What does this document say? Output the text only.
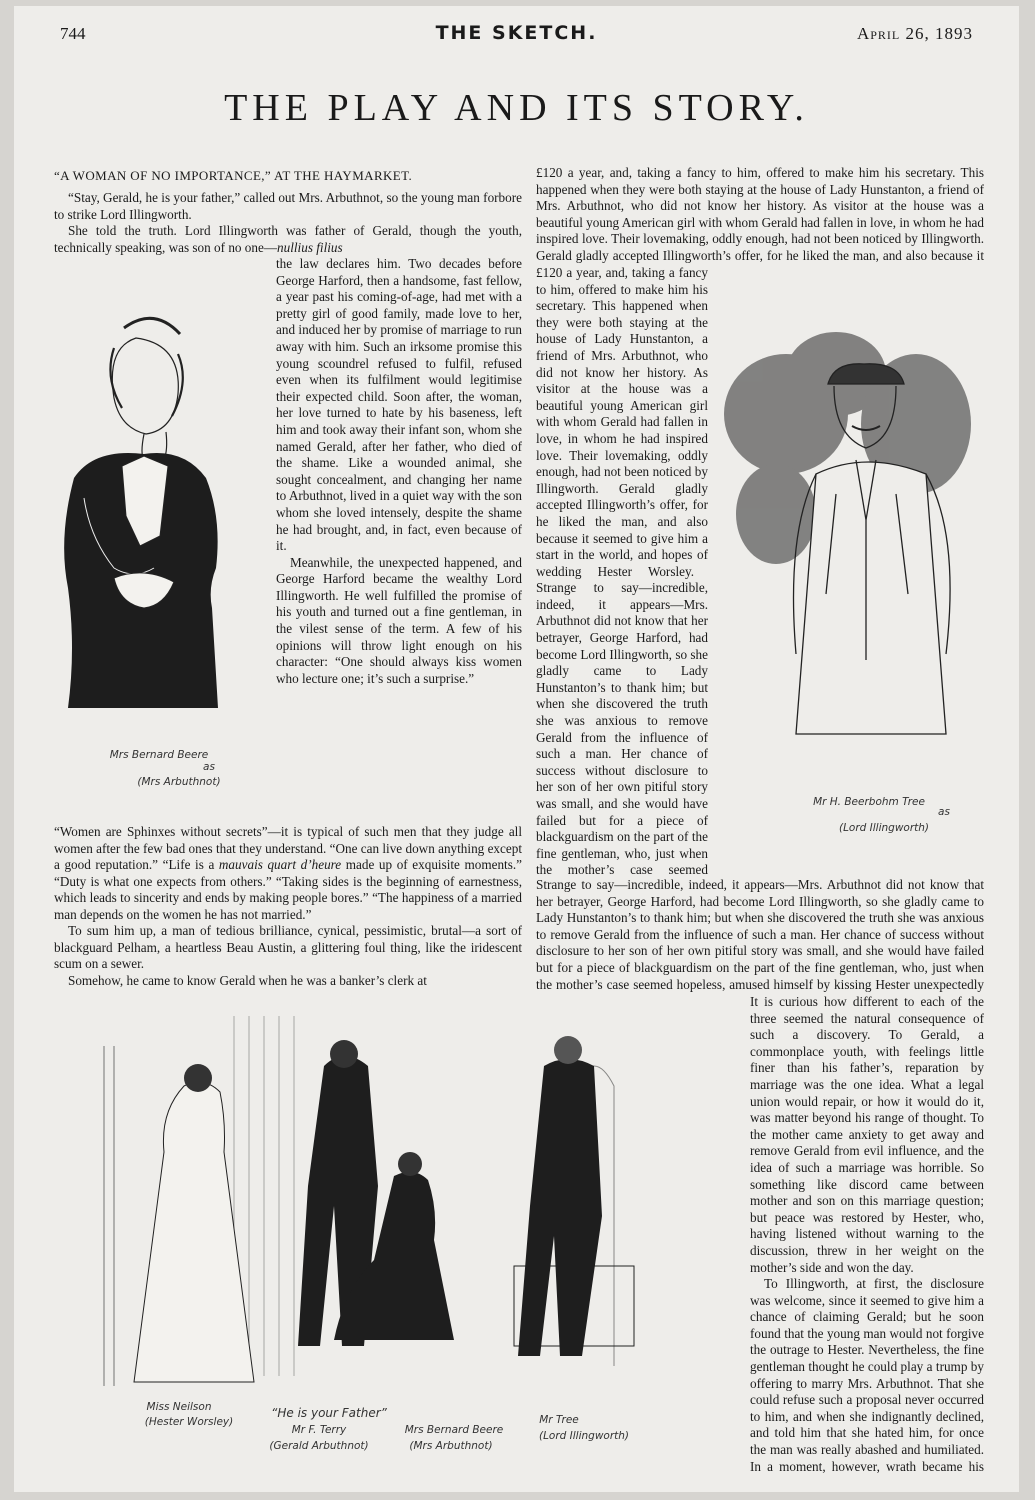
744	THE SKETCH.	April 26, 1893
THE PLAY AND ITS STORY.
“A WOMAN OF NO IMPORTANCE,” AT THE HAYMARKET.

“Stay, Gerald, he is your father,” called out Mrs. Arbuthnot, so the young man forbore to strike Lord Illingworth.

She told the truth. Lord Illingworth was father of Gerald, though the youth, technically speaking, was son of no one—nullius filius

the law declares him. Two decades before George Harford, then a handsome, fast fellow, a year past his coming-of-age, had met with a pretty girl of good family, made love to her, and induced her by promise of marriage to run away with him. Such an irksome promise this young scoundrel refused to fulfil, refused even when its fulfilment would legitimise their expected child. Soon after, the woman, her love turned to hate by his baseness, left him and took away their infant son, whom she named Gerald, after her father, who died of the shame. Like a wounded animal, she sought concealment, and changing her name to Arbuthnot, lived in a quiet way with the son whom she loved intensely, despite the shame he had brought, and, in fact, even because of it.
Meanwhile, the unexpected happened, and George Harford became the wealthy Lord Illingworth. He well fulfilled the promise of his youth and turned out a fine gentleman, in the vilest sense of the term. A few of his opinions will throw light enough on his character: “One should always kiss women who lecture one; it’s such a surprise.”

“Women are Sphinxes without secrets”—it is typical of such men that they judge all women after the few bad ones that they understand. “One can live down anything except a good reputation.” “Life is a mauvais quart d’heure made up of exquisite moments.” “Duty is what one expects from others.” “Taking sides is the beginning of earnestness, which leads to sincerity and ends by making people bores.” “The happiness of a married man depends on the women he has not married.”

To sum him up, a man of tedious brilliance, cynical, pessimistic, brutal—a sort of blackguard Pelham, a heartless Beau Austin, a glittering foul thing, like the iridescent scum on a sewer.

Somehow, he came to know Gerald when he was a banker’s clerk at

£120 a year, and, taking a fancy to him, offered to make him his secretary. This happened when they were both staying at the house of Lady Hunstanton, a friend of Mrs. Arbuthnot, who did not know her history. As visitor at the house was a beautiful young American girl with whom Gerald had fallen in love, in whom he had inspired love. Their lovemaking, oddly enough, had not been noticed by Illingworth. Gerald gladly accepted Illingworth’s offer, for he liked the man, and also because it

£120 a year, and, taking a fancy to him, offered to make him his secretary. This happened when they were both staying at the house of Lady Hunstanton, a friend of Mrs. Arbuthnot, who did not know her history. As visitor at the house was a beautiful young American girl with whom Gerald had fallen in love, in whom he had inspired love. Their lovemaking, oddly enough, had not been noticed by Illingworth. Gerald gladly accepted Illingworth’s offer, for he liked the man, and also because it seemed to give him a start in the world, and hopes of wedding Hester Worsley. Strange to say—incredible, indeed, it appears—Mrs. Arbuthnot did not know that her betrayer, George Harford, had become Lord Illingworth, so she gladly came to Lady Hunstanton’s to thank him; but when she discovered the truth she was anxious to remove Gerald from the influence of such a man. Her chance of success without disclosure to her son of her own pitiful story was small, and she would have failed but for a piece of blackguardism on the part of the fine gentleman, who, just when the mother’s case seemed

Strange to say—incredible, indeed, it appears—Mrs. Arbuthnot did not know that her betrayer, George Harford, had become Lord Illingworth, so she gladly came to Lady Hunstanton’s to thank him; but when she discovered the truth she was anxious to remove Gerald from the influence of such a man. Her chance of success without disclosure to her son of her own pitiful story was small, and she would have failed but for a piece of blackguardism on the part of the fine gentleman, who, just when the mother’s case seemed hopeless, amused himself by kissing Hester unexpectedly

It is curious how different to each of the three seemed the natural consequence of such a discovery. To Gerald, a commonplace youth, with feelings little finer than his father’s, reparation by marriage was the one idea. What a legal union would repair, or how it would do it, was matter beyond his range of thought. To the mother came anxiety to get away and remove Gerald from evil influence, and the idea of such a marriage was horrible. So something like discord came between mother and son on this marriage question; but peace was restored by Hester, who, having listened without warning to the discussion, threw in her weight on the mother’s side and won the day.
To Illingworth, at first, the disclosure was welcome, since it seemed to give him a chance of claiming Gerald; but he soon found that the young man would not forgive the outrage to Hester. Nevertheless, the fine gentleman thought he could play a trump by offering to marry Mrs. Arbuthnot. That she could refuse such a proposal never occurred to him, and when she indignantly declined, and told him that she hated him, for once the man was really abashed and humiliated. In a moment, however, wrath became his

Mrs Bernard Beere
as
(Mrs Arbuthnot)
Mr H. Beerbohm Tree
as
(Lord Illingworth)
Miss Neilson
(Hester Worsley)
“He is your Father”
Mr F. Terry
(Gerald Arbuthnot)
Mrs Bernard Beere
(Mrs Arbuthnot)
Mr Tree
(Lord Illingworth)
